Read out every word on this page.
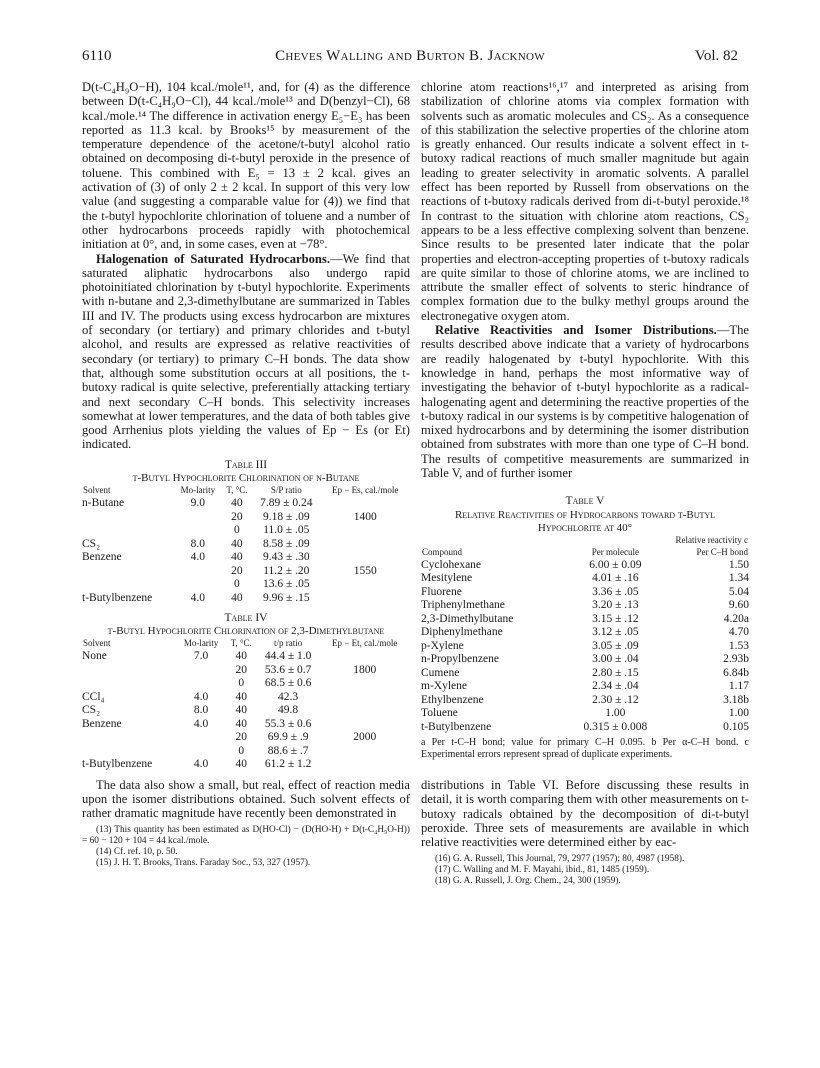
6110	Cheves Walling and Burton B. Jacknow	Vol. 82

D(t-C₄H₉O−H), 104 kcal./mole¹¹, and, for (4) as the difference between D(t-C₄H₉O−Cl), 44 kcal./mole¹³ and D(benzyl−Cl), 68 kcal./mole.¹⁴ The difference in activation energy E₅−E₃ has been reported as 11.3 kcal. by Brooks¹⁵ by measurement of the temperature dependence of the acetone/t-butyl alcohol ratio obtained on decomposing di-t-butyl peroxide in the presence of toluene. This combined with E₅ = 13 ± 2 kcal. gives an activation of (3) of only 2 ± 2 kcal. In support of this very low value (and suggesting a comparable value for (4)) we find that the t-butyl hypochlorite chlorination of toluene and a number of other hydrocarbons proceeds rapidly with photochemical initiation at 0°, and, in some cases, even at −78°.

Halogenation of Saturated Hydrocarbons.—We find that saturated aliphatic hydrocarbons also undergo rapid photoinitiated chlorination by t-butyl hypochlorite. Experiments with n-butane and 2,3-dimethylbutane are summarized in Tables III and IV. The products using excess hydrocarbon are mixtures of secondary (or tertiary) and primary chlorides and t-butyl alcohol, and results are expressed as relative reactivities of secondary (or tertiary) to primary C–H bonds. The data show that, although some substitution occurs at all positions, the t-butoxy radical is quite selective, preferentially attacking tertiary and next secondary C–H bonds. This selectivity increases somewhat at lower temperatures, and the data of both tables give good Arrhenius plots yielding the values of Ep − Es (or Et) indicated.

Table III
t-Butyl Hypochlorite Chlorination of n-Butane
Solvent	Mo-larity	T, °C.	S/P ratio	Ep − Es, cal./mole
n-Butane	9.0	40	7.89 ± 0.24	
		20	9.18 ± .09	1400
		0	11.0 ± .05	
CS₂	8.0	40	8.58 ± .09	
Benzene	4.0	40	9.43 ± .30	
		20	11.2 ± .20	1550
		0	13.6 ± .05	
t-Butylbenzene	4.0	40	9.96 ± .15	
Table IV
t-Butyl Hypochlorite Chlorination of 2,3-Dimethylbutane
Solvent	Mo-larity	T, °C.	t/p ratio	Ep − Et, cal./mole
None	7.0	40	44.4 ± 1.0	
		20	53.6 ± 0.7	1800
		0	68.5 ± 0.6	
CCl₄	4.0	40	42.3	
CS₂	8.0	40	49.8	
Benzene	4.0	40	55.3 ± 0.6	
		20	69.9 ± .9	2000
		0	88.6 ± .7	
t-Butylbenzene	4.0	40	61.2 ± 1.2	

The data also show a small, but real, effect of reaction media upon the isomer distributions obtained. Such solvent effects of rather dramatic magnitude have recently been demonstrated in

(13) This quantity has been estimated as D(HO-Cl) − (D(HO-H) + D(t-C₄H₉O-H)) = 60 − 120 + 104 = 44 kcal./mole.

(14) Cf. ref. 10, p. 50.

(15) J. H. T. Brooks, Trans. Faraday Soc., 53, 327 (1957).

chlorine atom reactions¹⁶,¹⁷ and interpreted as arising from stabilization of chlorine atoms via complex formation with solvents such as aromatic molecules and CS₂. As a consequence of this stabilization the selective properties of the chlorine atom is greatly enhanced. Our results indicate a solvent effect in t-butoxy radical reactions of much smaller magnitude but again leading to greater selectivity in aromatic solvents. A parallel effect has been reported by Russell from observations on the reactions of t-butoxy radicals derived from di-t-butyl peroxide.¹⁸ In contrast to the situation with chlorine atom reactions, CS₂ appears to be a less effective complexing solvent than benzene. Since results to be presented later indicate that the polar properties and electron-accepting properties of t-butoxy radicals are quite similar to those of chlorine atoms, we are inclined to attribute the smaller effect of solvents to steric hindrance of complex formation due to the bulky methyl groups around the electronegative oxygen atom.

Relative Reactivities and Isomer Distributions.—The results described above indicate that a variety of hydrocarbons are readily halogenated by t-butyl hypochlorite. With this knowledge in hand, perhaps the most informative way of investigating the behavior of t-butyl hypochlorite as a radical-halogenating agent and determining the reactive properties of the t-butoxy radical in our systems is by competitive halogenation of mixed hydrocarbons and by determining the isomer distribution obtained from substrates with more than one type of C–H bond. The results of competitive measurements are summarized in Table V, and of further isomer

Table V
Relative Reactivities of Hydrocarbons toward t-Butyl Hypochlorite at 40°
	Relative reactivity c	
Compound	Per molecule	Per C–H bond
Cyclohexane	6.00 ± 0.09	1.50
Mesitylene	4.01 ± .16	1.34
Fluorene	3.36 ± .05	5.04
Triphenylmethane	3.20 ± .13	9.60
2,3-Dimethylbutane	3.15 ± .12	4.20a
Diphenylmethane	3.12 ± .05	4.70
p-Xylene	3.05 ± .09	1.53
n-Propylbenzene	3.00 ± .04	2.93b
Cumene	2.80 ± .15	6.84b
m-Xylene	2.34 ± .04	1.17
Ethylbenzene	2.30 ± .12	3.18b
Toluene	1.00	1.00
t-Butylbenzene	0.315 ± 0.008	0.105

a Per t-C–H bond; value for primary C–H 0.095. b Per α-C–H bond. c Experimental errors represent spread of duplicate experiments.

distributions in Table VI. Before discussing these results in detail, it is worth comparing them with other measurements on t-butoxy radicals obtained by the decomposition of di-t-butyl peroxide. Three sets of measurements are available in which relative reactivities were determined either by eac-

(16) G. A. Russell, This Journal, 79, 2977 (1957); 80, 4987 (1958).

(17) C. Walling and M. F. Mayahi, ibid., 81, 1485 (1959).

(18) G. A. Russell, J. Org. Chem., 24, 300 (1959).
